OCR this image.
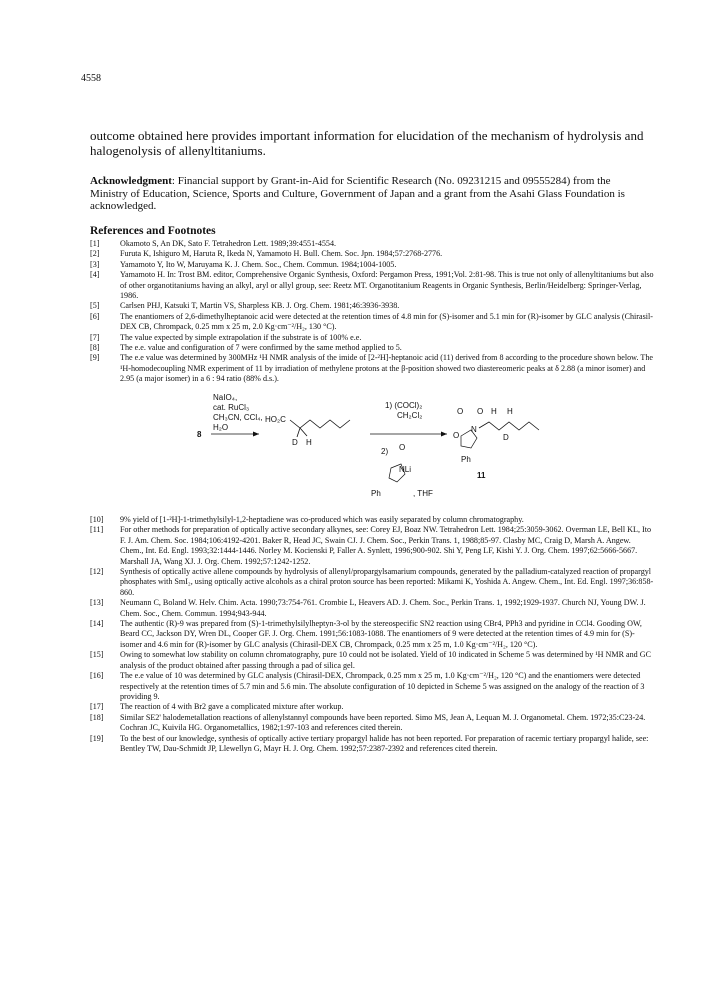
4558
outcome obtained here provides important information for elucidation of the mechanism of hydrolysis and halogenolysis of allenyltitaniums.
Acknowledgment: Financial support by Grant-in-Aid for Scientific Research (No. 09231215 and 09555284) from the Ministry of Education, Science, Sports and Culture, Government of Japan and a grant from the Asahi Glass Foundation is acknowledged.
References and Footnotes
[1]	Okamoto S, An DK, Sato F. Tetrahedron Lett. 1989;39:4551-4554.
[2]	Furuta K, Ishiguro M, Haruta R, Ikeda N, Yamamoto H. Bull. Chem. Soc. Jpn. 1984;57:2768-2776.
[3]	Yamamoto Y, Ito W, Maruyama K. J. Chem. Soc., Chem. Commun. 1984;1004-1005.
[4]	Yamamoto H. In: Trost BM. editor, Comprehensive Organic Synthesis, Oxford: Pergamon Press, 1991;Vol. 2:81-98. This is true not only of allenyltitaniums but also of other organotitaniums having an alkyl, aryl or allyl group, see: Reetz MT. Organotitanium Reagents in Organic Synthesis, Berlin/Heidelberg: Springer-Verlag, 1986.
[5]	Carlsen PHJ, Katsuki T, Martin VS, Sharpless KB. J. Org. Chem. 1981;46:3936-3938.
[6]	The enantiomers of 2,6-dimethylheptanoic acid were detected at the retention times of 4.8 min for (S)-isomer and 5.1 min for (R)-isomer by GLC analysis (Chirasil-DEX CB, Chrompack, 0.25 mm x 25 m, 2.0 Kg·cm⁻²/H₂, 130 °C).
[7]	The value expected by simple extrapolation if the substrate is of 100% e.e.
[8]	The e.e. value and configuration of 7 were confirmed by the same method applied to 5.
[9]	The e.e value was determined by 300MHz ¹H NMR analysis of the imide of [2-²H]-heptanoic acid (11) derived from 8 according to the procedure shown below. The ¹H-homodecoupling NMR experiment of 11 by irradiation of methylene protons at the β-position showed two diastereomeric peaks at δ 2.88 (a minor isomer) and 2.95 (a major isomer) in a 6 : 94 ratio (88% d.s.).
NaIO₄,
cat. RuCl₃
CH₃CN, CCl₄,
H₂O
8
HO₂C
D H
1) (COCl)₂
CH₂Cl₂
2) O
NLi
Ph	, THF
O O H H
O
N
D
Ph
11
[10]	9% yield of [1-²H]-1-trimethylsilyl-1,2-heptadiene was co-produced which was easily separated by column chromatography.
[11]	For other methods for preparation of optically active secondary alkynes, see: Corey EJ, Boaz NW. Tetrahedron Lett. 1984;25:3059-3062. Overman LE, Bell KL, Ito F. J. Am. Chem. Soc. 1984;106:4192-4201. Baker R, Head JC, Swain CJ. J. Chem. Soc., Perkin Trans. 1, 1988;85-97. Clasby MC, Craig D, Marsh A. Angew. Chem., Int. Ed. Engl. 1993;32:1444-1446. Norley M. Kocienski P, Faller A. Synlett, 1996;900-902. Shi Y, Peng LF, Kishi Y. J. Org. Chem. 1997;62:5666-5667. Marshall JA, Wang XJ. J. Org. Chem. 1992;57:1242-1252.
[12]	Synthesis of optically active allene compounds by hydrolysis of allenyl/propargylsamarium compounds, generated by the palladium-catalyzed reaction of propargyl phosphates with SmI₂, using optically active alcohols as a chiral proton source has been reported: Mikami K, Yoshida A. Angew. Chem., Int. Ed. Engl. 1997;36:858-860.
[13]	Neumann C, Boland W. Helv. Chim. Acta. 1990;73:754-761. Crombie L, Heavers AD. J. Chem. Soc., Perkin Trans. 1, 1992;1929-1937. Church NJ, Young DW. J. Chem. Soc., Chem. Commun. 1994;943-944.
[14]	The authentic (R)-9 was prepared from (S)-1-trimethylsilylheptyn-3-ol by the stereospecific SN2 reaction using CBr4, PPh3 and pyridine in CCl4. Gooding OW, Beard CC, Jackson DY, Wren DL, Cooper GF. J. Org. Chem. 1991;56:1083-1088. The enantiomers of 9 were detected at the retention times of 4.9 min for (S)-isomer and 4.6 min for (R)-isomer by GLC analysis (Chirasil-DEX CB, Chrompack, 0.25 mm x 25 m, 1.0 Kg·cm⁻²/H₂, 120 °C).
[15]	Owing to somewhat low stability on column chromatography, pure 10 could not be isolated. Yield of 10 indicated in Scheme 5 was determined by ¹H NMR and GC analysis of the product obtained after passing through a pad of silica gel.
[16]	The e.e value of 10 was determined by GLC analysis (Chirasil-DEX, Chrompack, 0.25 mm x 25 m, 1.0 Kg·cm⁻²/H₂, 120 °C) and the enantiomers were detected respectively at the retention times of 5.7 min and 5.6 min. The absolute configuration of 10 depicted in Scheme 5 was assigned on the analogy of the reaction of 3 providing 9.
[17]	The reaction of 4 with Br2 gave a complicated mixture after workup.
[18]	Similar SE2' halodemetallation reactions of allenylstannyl compounds have been reported. Simo MS, Jean A, Lequan M. J. Organometal. Chem. 1972;35:C23-24. Cochran JC, Kuivila HG. Organometallics, 1982;1:97-103 and references cited therein.
[19]	To the best of our knowledge, synthesis of optically active tertiary propargyl halide has not been reported. For preparation of racemic tertiary propargyl halide, see: Bentley TW, Dau-Schmidt JP, Llewellyn G, Mayr H. J. Org. Chem. 1992;57:2387-2392 and references cited therein.
